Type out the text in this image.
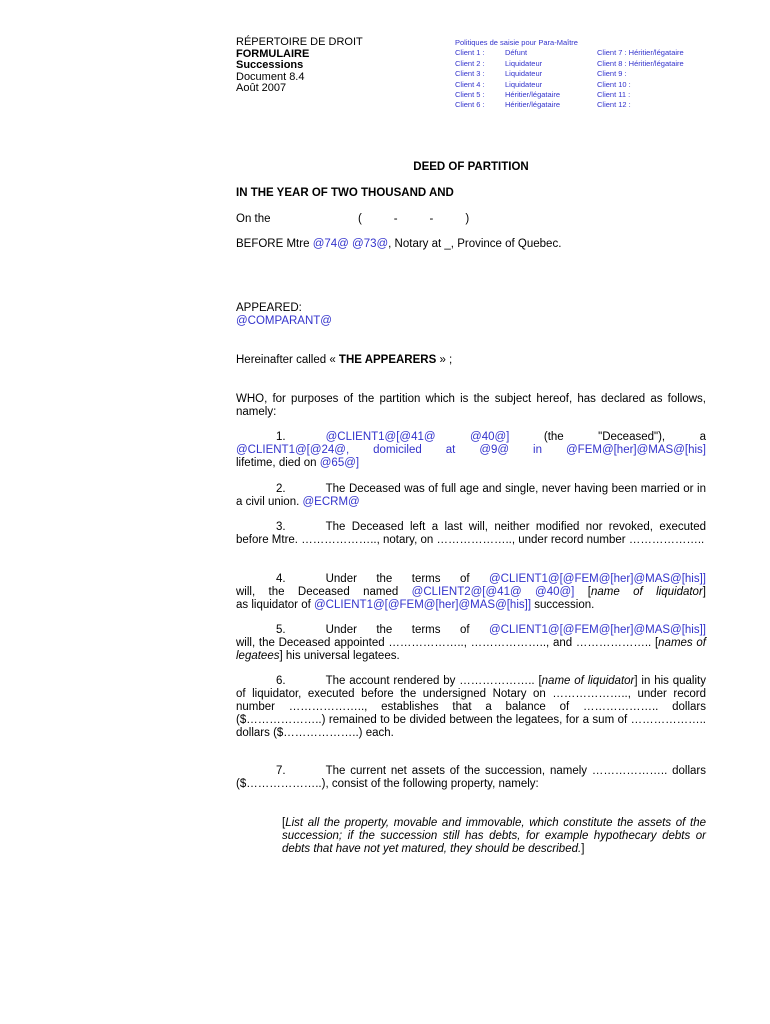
RÉPERTOIRE DE DROIT
FORMULAIRE
Successions
Document 8.4
Août 2007
Politiques de saisie pour Para-Maître
Client 1 :	Défunt	Client 7 : Héritier/légataire
Client 2 :	Liquidateur	Client 8 : Héritier/légataire
Client 3 :	Liquidateur	Client 9 :
Client 4 :	Liquidateur	Client 10 :
Client 5 :	Héritier/légataire	Client 11 :
Client 6 :	Héritier/légataire	Client 12 :
DEED OF PARTITION
IN THE YEAR OF TWO THOUSAND AND
On the	(          -          -          )
BEFORE Mtre @74@ @73@, Notary at _, Province of Quebec.
APPEARED:
@COMPARANT@
Hereinafter called « THE APPEARERS » ;
WHO, for purposes of the partition which is the subject hereof, has declared as follows, namely:
1.	@CLIENT1@[@41@ @40@] (the "Deceased"), a
@CLIENT1@[@24@, domiciled at @9@ in @FEM@[her]@MAS@[his]
lifetime, died on @65@]
2.	The Deceased was of full age and single, never having been married or in a civil union. @ECRM@
3.	The Deceased left a last will, neither modified nor revoked, executed before Mtre. ……………….., notary, on ……………….., under record number ………………..
4.	Under the terms of @CLIENT1@[@FEM@[her]@MAS@[his]]
will, the Deceased named @CLIENT2@[@41@ @40@] [name of liquidator]
as liquidator of @CLIENT1@[@FEM@[her]@MAS@[his]] succession.
5.	Under the terms of @CLIENT1@[@FEM@[her]@MAS@[his]]
will, the Deceased appointed ……………….., ……………….., and ……………….. [names of legatees] his universal legatees.
6.	The account rendered by ……………….. [name of liquidator] in his quality of liquidator, executed before the undersigned Notary on ……………….., under record number ……………….., establishes that a balance of ……………….. dollars ($………………..) remained to be divided between the legatees, for a sum of ……………….. dollars ($………………..) each.
7.	The current net assets of the succession, namely ……………….. dollars ($………………..), consist of the following property, namely:
[List all the property, movable and immovable, which constitute the assets of the succession; if the succession still has debts, for example hypothecary debts or debts that have not yet matured, they should be described.]
